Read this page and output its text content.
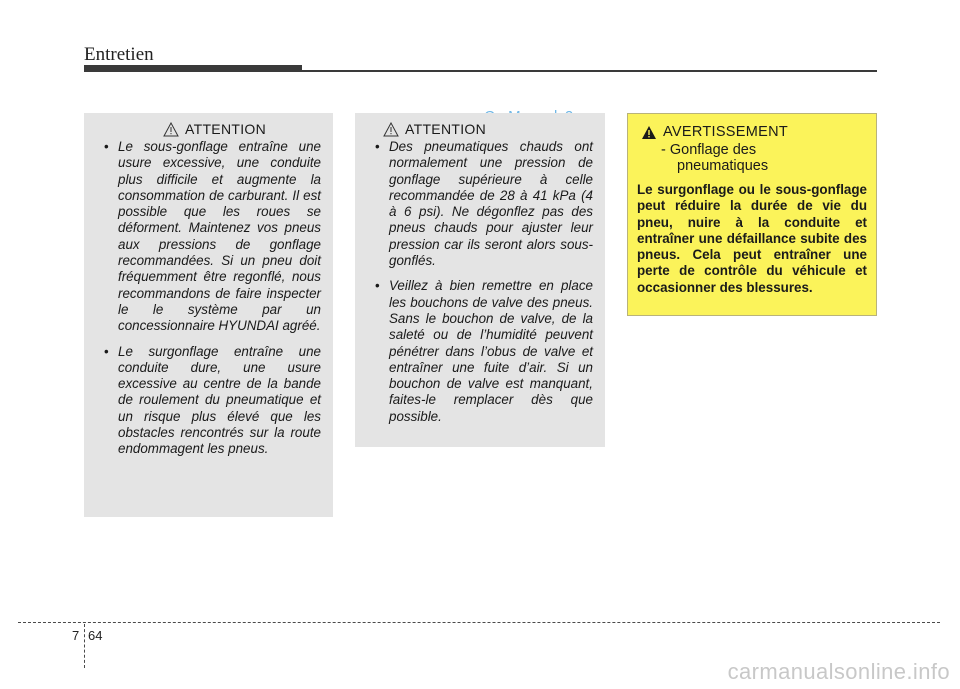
Entretien
ATTENTION
• Le sous-gonflage entraîne une usure excessive, une conduite plus difficile et augmente la consommation de carburant. Il est possible que les roues se déforment. Maintenez vos pneus aux pressions de gonflage recommandées. Si un pneu doit fréquemment être regonflé, nous recommandons de faire inspecter le le système par un concessionnaire HYUNDAI agréé.
• Le surgonflage entraîne une conduite dure, une usure excessive au centre de la bande de roulement du pneumatique et un risque plus élevé que les obstacles rencontrés sur la route endommagent les pneus.
ATTENTION
• Des pneumatiques chauds ont normalement une pression de gonflage supérieure à celle recommandée de 28 à 41 kPa (4 à 6 psi). Ne dégonflez pas des pneus chauds pour ajuster leur pression car ils seront alors sous-gonflés.
• Veillez à bien remettre en place les bouchons de valve des pneus. Sans le bouchon de valve, de la saleté ou de l’humidité peuvent pénétrer dans l’obus de valve et entraîner une fuite d’air. Si un bouchon de valve est manquant, faites-le remplacer dès que possible.
AVERTISSEMENT
- Gonflage des
pneumatiques
Le surgonflage ou le sous-gonflage peut réduire la durée de vie du pneu, nuire à la conduite et entraîner une défaillance subite des pneus. Cela peut entraîner une perte de contrôle du véhicule et occasionner des blessures.
7 64
carmanualsonline.info
